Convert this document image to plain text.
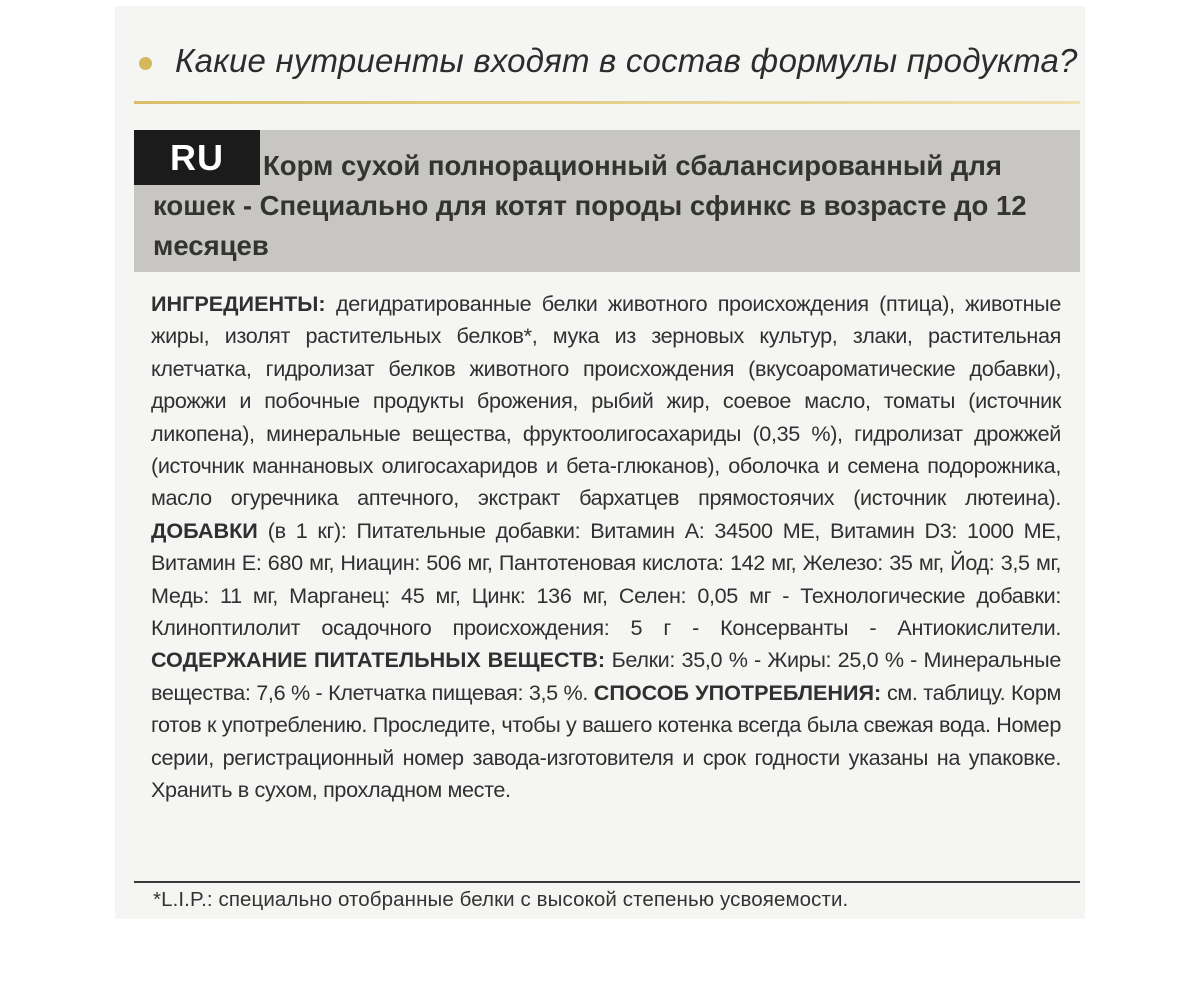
Какие нутриенты входят в состав формулы продукта?
RU	Корм сухой полнорационный сбалансированный для кошек - Специально для котят породы сфинкс в возрасте до 12 месяцев
ИНГРЕДИЕНТЫ: дегидратированные белки животного происхождения (птица), животные жиры, изолят растительных белков*, мука из зерновых культур, злаки, растительная клетчатка, гидролизат белков животного происхождения (вкусоароматические добавки), дрожжи и побочные продукты брожения, рыбий жир, соевое масло, томаты (источник ликопена), минеральные вещества, фруктоолигосахариды (0,35 %), гидролизат дрожжей (источник маннановых олигосахаридов и бета-глюканов), оболочка и семена подорожника, масло огуречника аптечного, экстракт бархатцев прямостоячих (источник лютеина). ДОБАВКИ (в 1 кг): Питательные добавки: Витамин А: 34500 МЕ, Витамин D3: 1000 МЕ, Витамин Е: 680 мг, Ниацин: 506 мг, Пантотеновая кислота: 142 мг, Железо: 35 мг, Йод: 3,5 мг, Медь: 11 мг, Марганец: 45 мг, Цинк: 136 мг, Селен: 0,05 мг - Технологические добавки: Клиноптилолит осадочного происхождения: 5 г - Консерванты - Антиокислители. СОДЕРЖАНИЕ ПИТАТЕЛЬНЫХ ВЕЩЕСТВ: Белки: 35,0 % - Жиры: 25,0 % - Минеральные вещества: 7,6 % - Клетчатка пищевая: 3,5 %. СПОСОБ УПОТРЕБЛЕНИЯ: см. таблицу. Корм готов к употреблению. Проследите, чтобы у вашего котенка всегда была свежая вода. Номер серии, регистрационный номер завода-изготовителя и срок годности указаны на упаковке. Хранить в сухом, прохладном месте.
*L.I.P.: специально отобранные белки с высокой степенью усвояемости.
